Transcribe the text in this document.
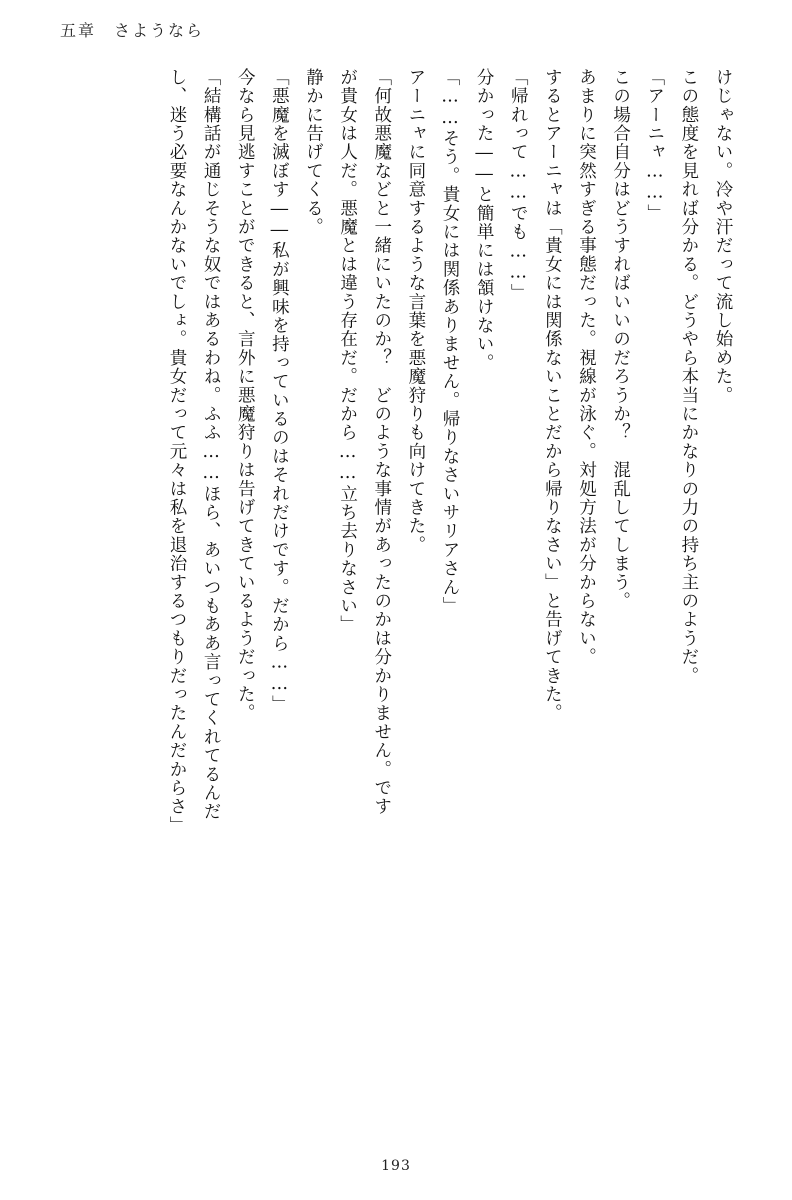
五章 さようなら

けじゃない。冷や汗だって流し始めた。

この態度を見れば分かる。どうやら本当にかなりの力の持ち主のようだ。

「アーニャ……」

この場合自分はどうすればいいのだろうか？　混乱してしまう。

あまりに突然すぎる事態だった。視線が泳ぐ。対処方法が分からない。

するとアーニャは「貴女には関係ないことだから帰りなさい」と告げてきた。

「帰れって……でも……」

分かった――と簡単には頷けない。

「……そう。貴女には関係ありません。帰りなさいサリアさん」

アーニャに同意するような言葉を悪魔狩りも向けてきた。

「何故悪魔などと一緒にいたのか？　どのような事情があったのかは分かりません。です

が貴女は人だ。悪魔とは違う存在だ。だから……立ち去りなさい」

静かに告げてくる。

「悪魔を滅ぼす――私が興味を持っているのはそれだけです。だから……」

今なら見逃すことができると、言外に悪魔狩りは告げてきているようだった。

「結構話が通じそうな奴ではあるわね。ふふ……ほら、あいつもああ言ってくれてるんだ

し、迷う必要なんかないでしょ。貴女だって元々は私を退治するつもりだったんだからさ」

193
